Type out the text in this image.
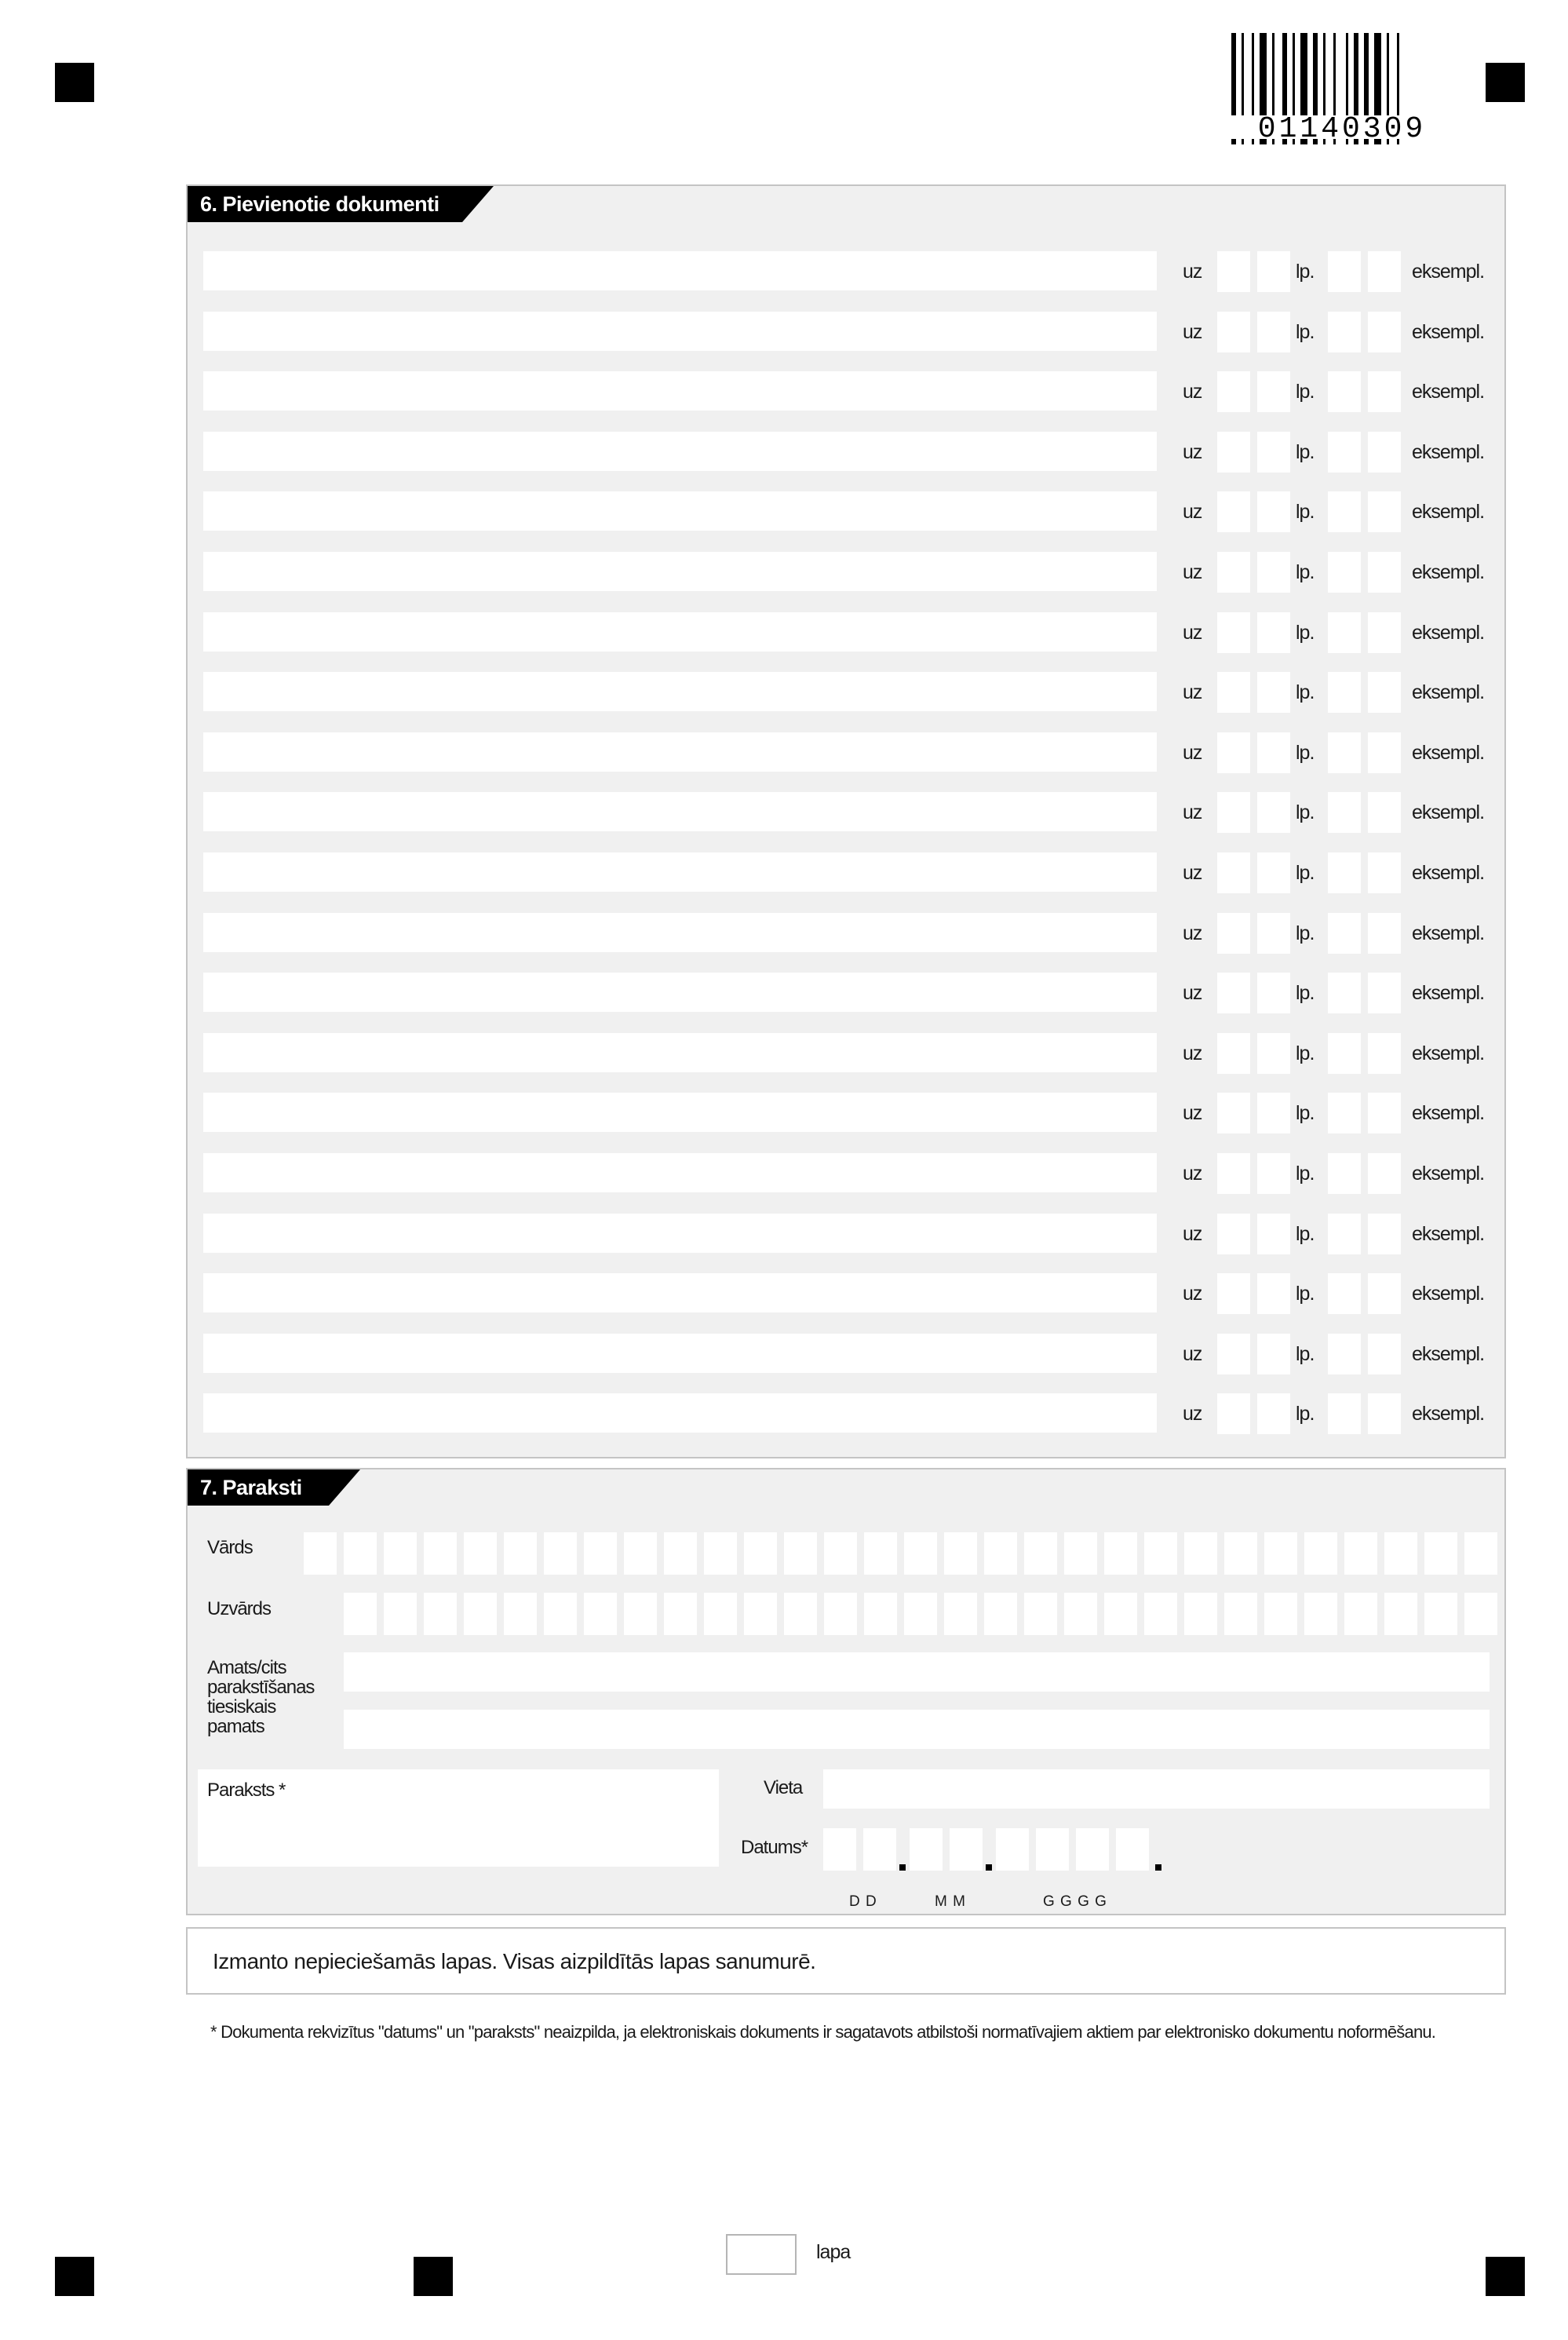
01140309
6. Pievienotie dokumenti
uz	lp.	eksempl.
uz	lp.	eksempl.
uz	lp.	eksempl.
uz	lp.	eksempl.
uz	lp.	eksempl.
uz	lp.	eksempl.
uz	lp.	eksempl.
uz	lp.	eksempl.
uz	lp.	eksempl.
uz	lp.	eksempl.
uz	lp.	eksempl.
uz	lp.	eksempl.
uz	lp.	eksempl.
uz	lp.	eksempl.
uz	lp.	eksempl.
uz	lp.	eksempl.
uz	lp.	eksempl.
uz	lp.	eksempl.
uz	lp.	eksempl.
uz	lp.	eksempl.
7. Paraksti
Vārds
Uzvārds
Amats/cits parakstīšanas tiesiskais pamats
Paraksts *	Vieta
Datums*
D D	M M	G G G G
Izmanto nepieciešamās lapas. Visas aizpildītās lapas sanumurē.
* Dokumenta rekvizītus "datums" un "paraksts" neaizpilda, ja elektroniskais dokuments ir sagatavots atbilstoši normatīvajiem aktiem par elektronisko dokumentu noformēšanu.
lapa
